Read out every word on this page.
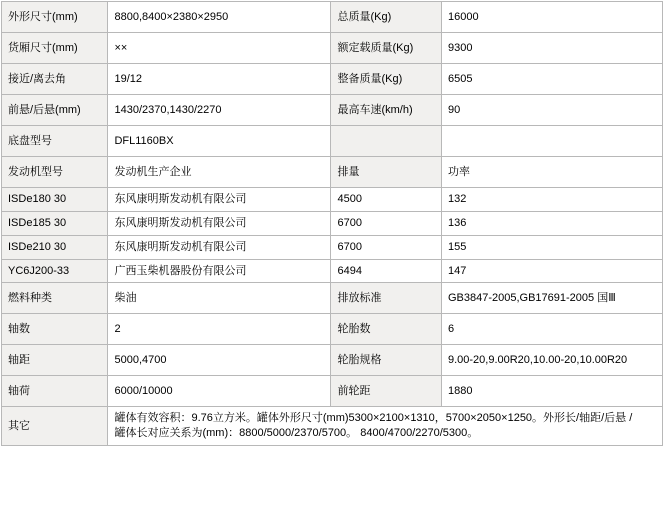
外形尺寸(mm)	8800,8400×2380×2950	总质量(Kg)	16000
货厢尺寸(mm)	××	额定载质量(Kg)	9300
接近/离去角	19/12	整备质量(Kg)	6505
前悬/后悬(mm)	1430/2370,1430/2270	最高车速(km/h)	90
底盘型号	DFL1160BX		
发动机型号	发动机生产企业	排量	功率
ISDe180 30	东风康明斯发动机有限公司	4500	132
ISDe185 30	东风康明斯发动机有限公司	6700	136
ISDe210 30	东风康明斯发动机有限公司	6700	155
YC6J200-33	广西玉柴机器股份有限公司	6494	147
燃料种类	柴油	排放标准	GB3847-2005,GB17691-2005 国Ⅲ
轴数	2	轮胎数	6
轴距	5000,4700	轮胎规格	9.00-20,9.00R20,10.00-20,10.00R20
轴荷	6000/10000	前轮距	1880
其它	罐体有效容积：9.76立方米。罐体外形尺寸(mm)5300×2100×1310，5700×2050×1250。外形长/轴距/后悬 /
罐体长对应关系为(mm)：8800/5000/2370/5700。 8400/4700/2270/5300。		
